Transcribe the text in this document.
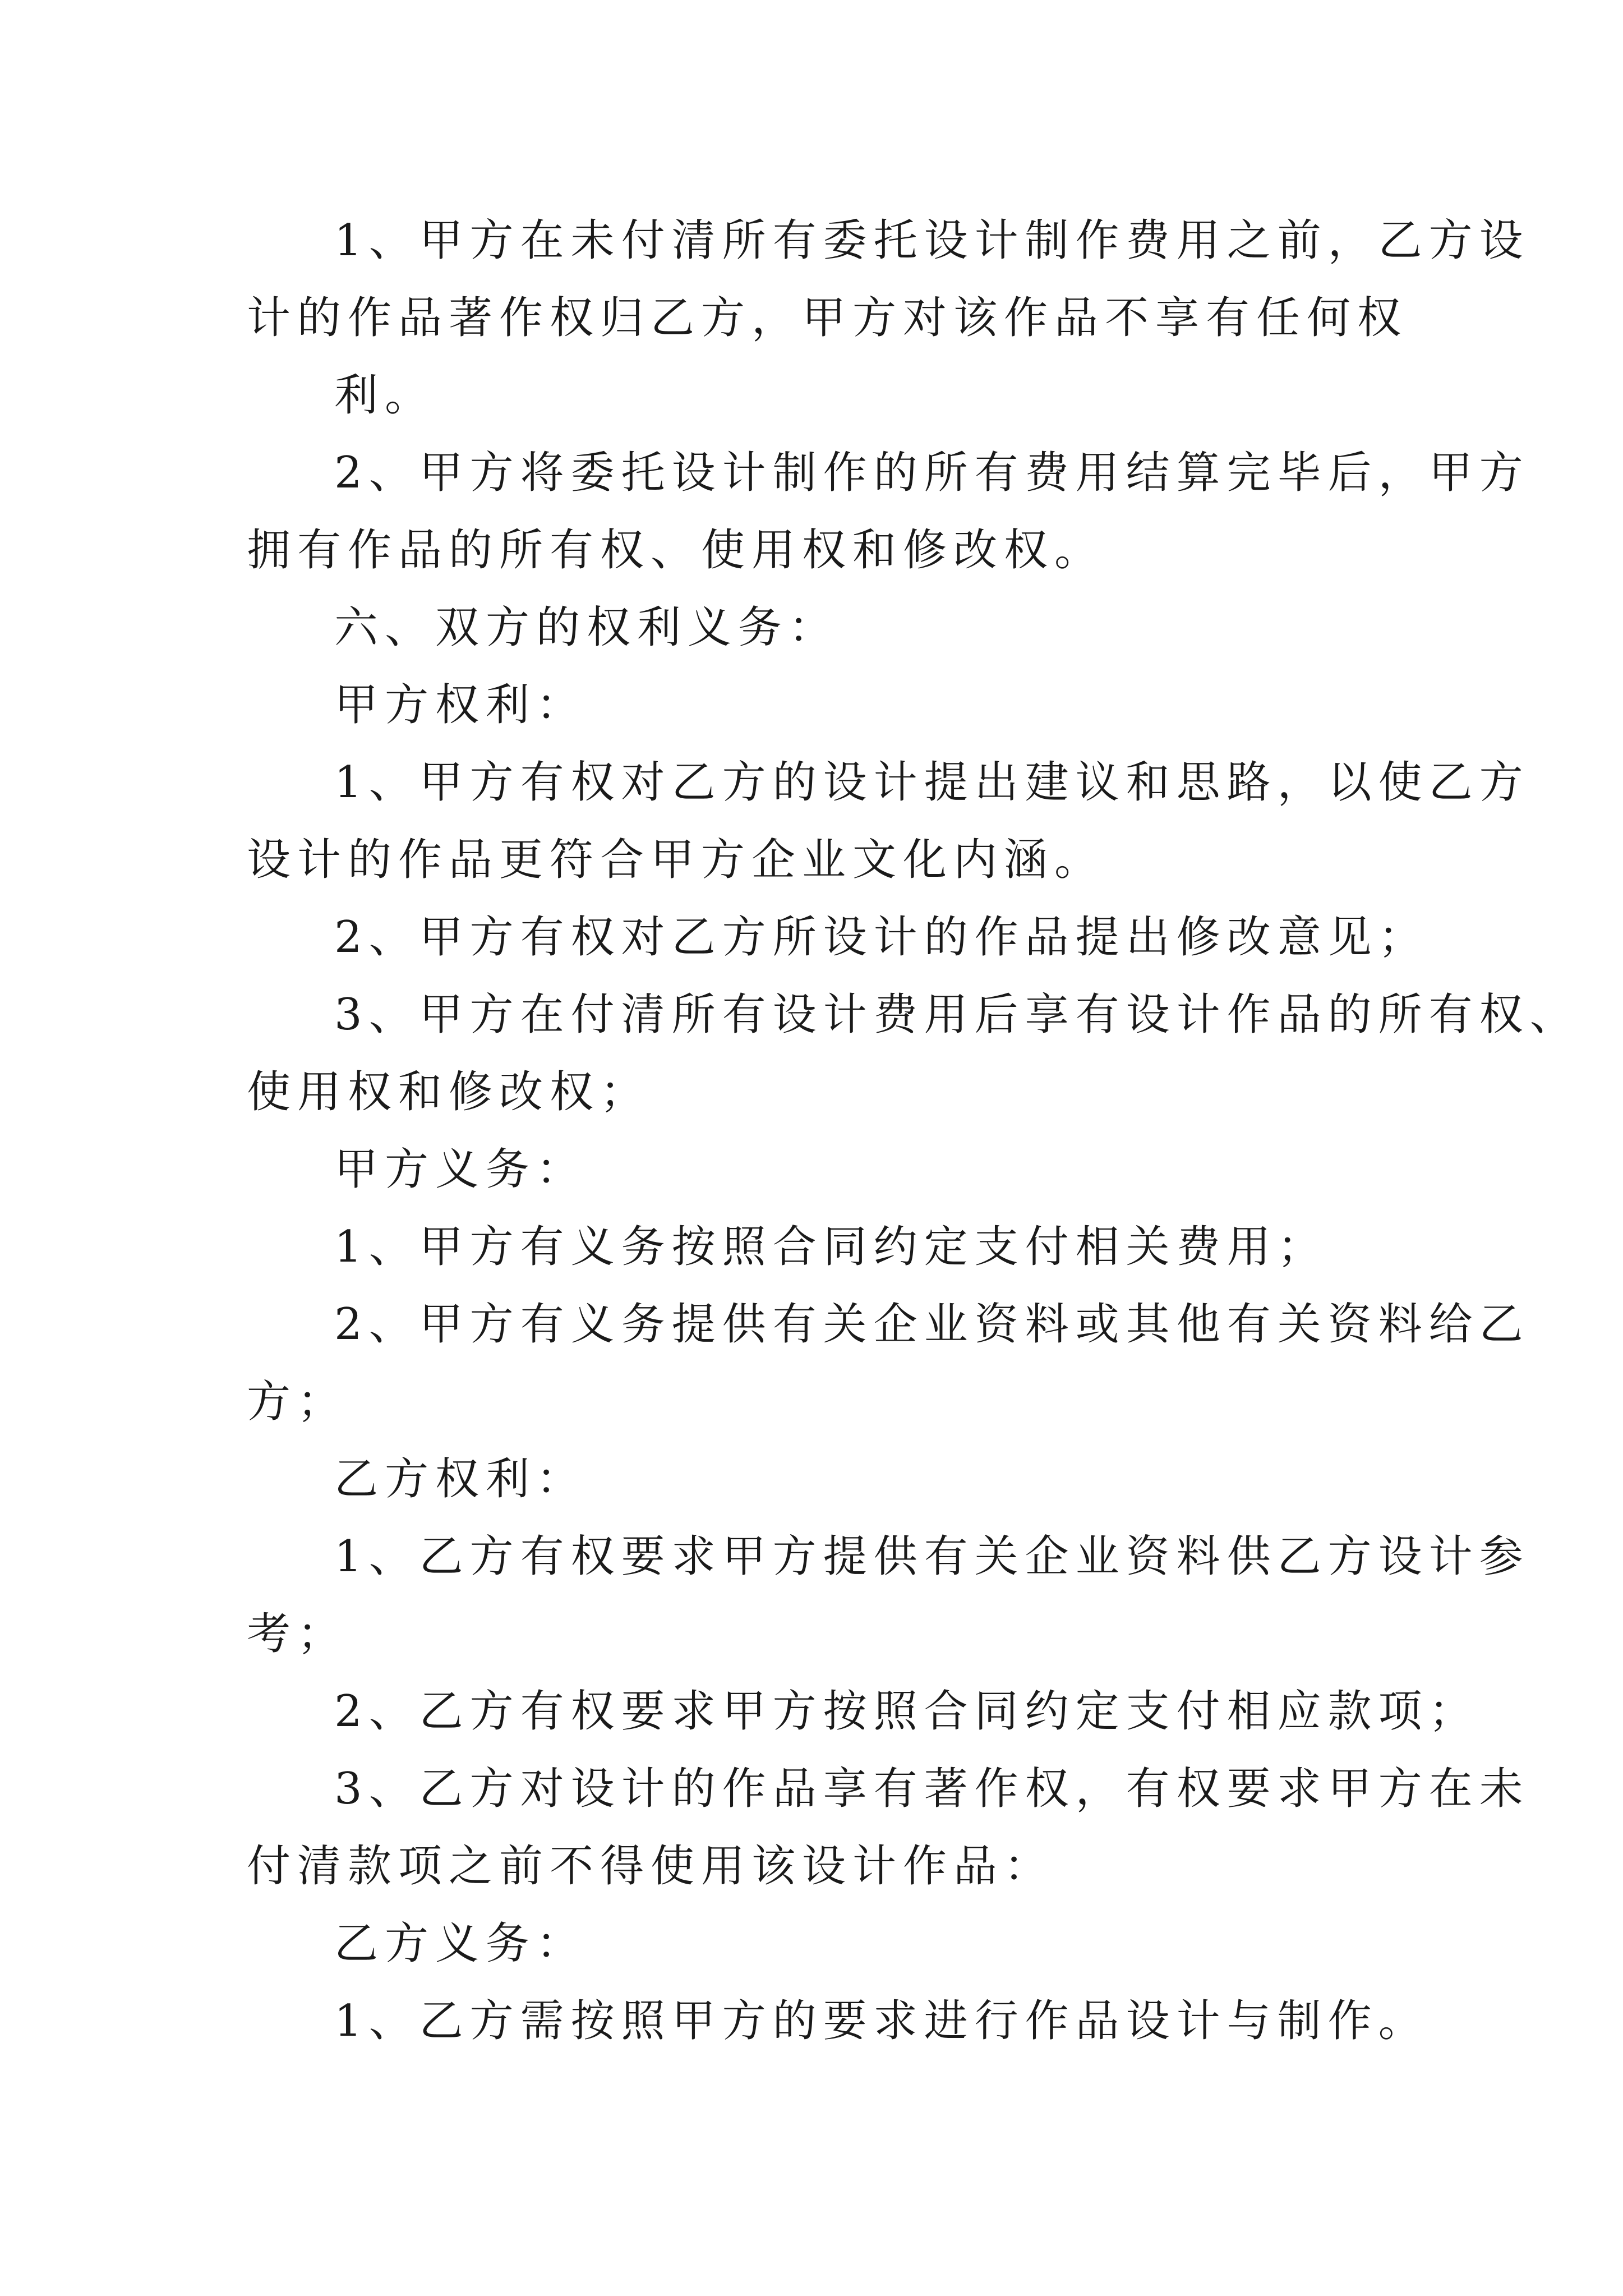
1、甲方在未付清所有委托设计制作费用之前，乙方设
计的作品著作权归乙方，甲方对该作品不享有任何权
利。
2、甲方将委托设计制作的所有费用结算完毕后，甲方
拥有作品的所有权、使用权和修改权。
六、双方的权利义务：
甲方权利：
1、甲方有权对乙方的设计提出建议和思路，以使乙方
设计的作品更符合甲方企业文化内涵。
2、甲方有权对乙方所设计的作品提出修改意见；
3、甲方在付清所有设计费用后享有设计作品的所有权、
使用权和修改权；
甲方义务：
1、甲方有义务按照合同约定支付相关费用；
2、甲方有义务提供有关企业资料或其他有关资料给乙
方；
乙方权利：
1、乙方有权要求甲方提供有关企业资料供乙方设计参
考；
2、乙方有权要求甲方按照合同约定支付相应款项；
3、乙方对设计的作品享有著作权，有权要求甲方在未
付清款项之前不得使用该设计作品：
乙方义务：
1、乙方需按照甲方的要求进行作品设计与制作。
